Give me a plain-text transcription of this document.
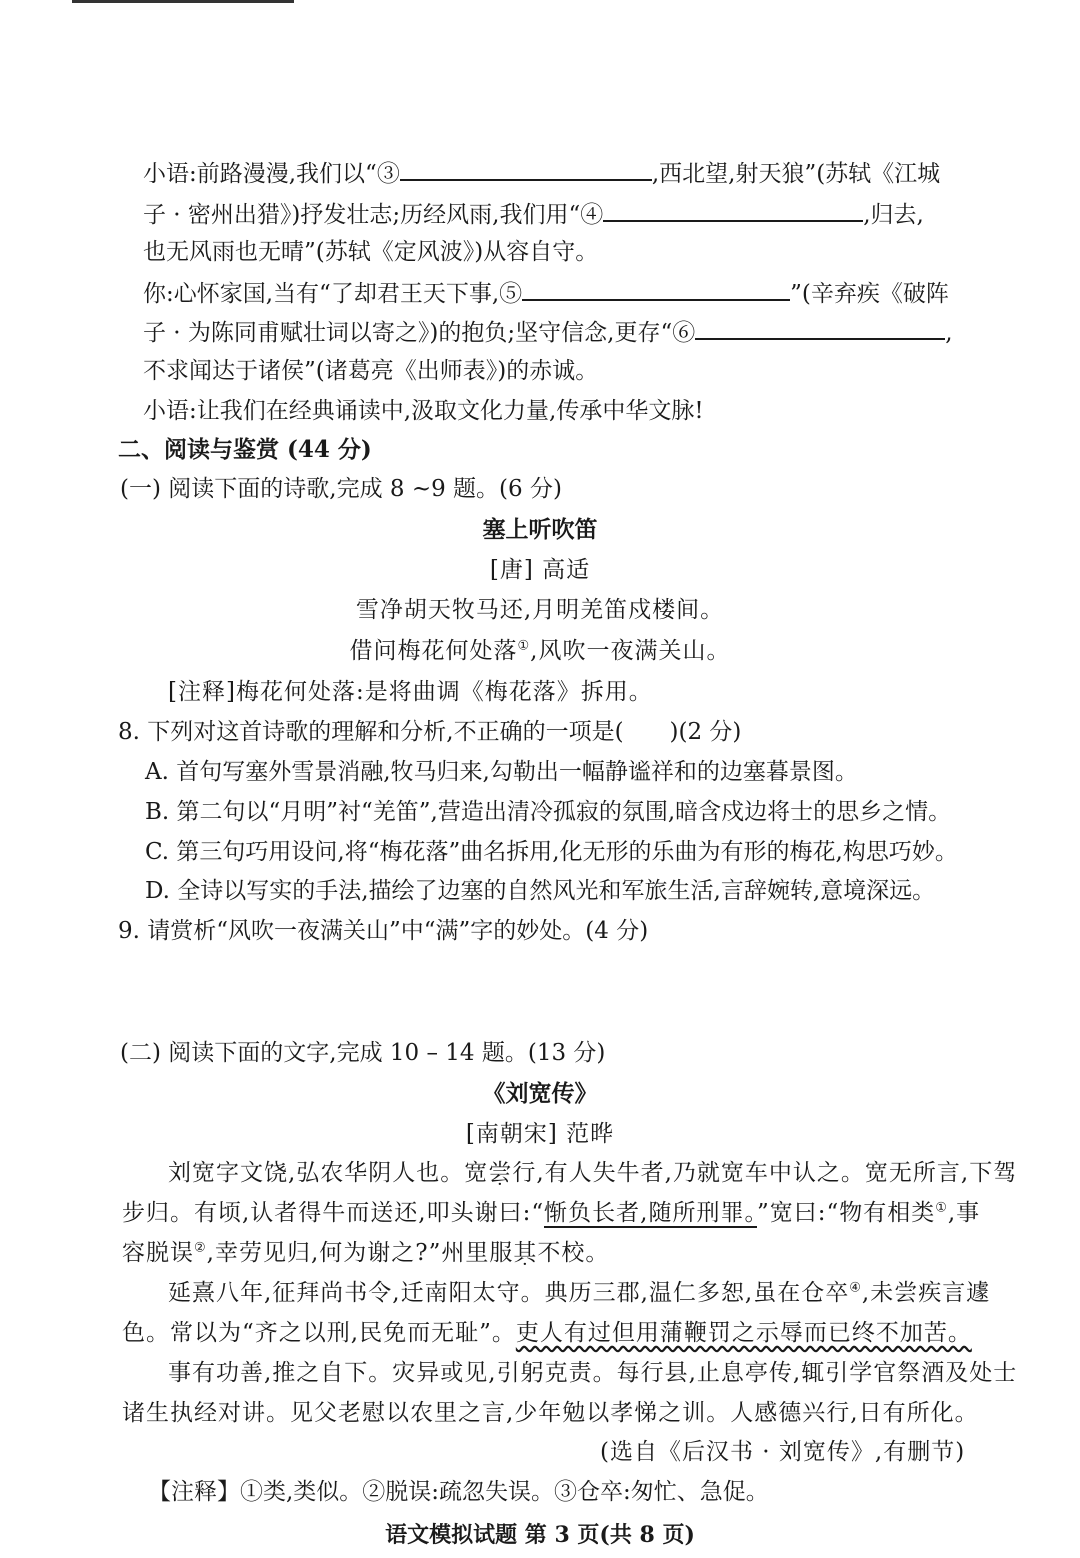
小语:前路漫漫,我们以“③	,西北望,射天狼”(苏轼《江城
子 · 密州出猎》)抒发壮志;历经风雨,我们用“④	,归去,
也无风雨也无晴”(苏轼《定风波》)从容自守。
你:心怀家国,当有“了却君王天下事,⑤	”(辛弃疾《破阵
子 · 为陈同甫赋壮词以寄之》)的抱负;坚守信念,更存“⑥	,
不求闻达于诸侯”(诸葛亮《出师表》)的赤诚。
小语:让我们在经典诵读中,汲取文化力量,传承中华文脉!
二、阅读与鉴赏 (44 分)
(一) 阅读下面的诗歌,完成 8 ~9 题。(6 分)
塞上听吹笛
[唐] 高适
雪净胡天牧马还,月明羌笛戍楼间。
借问梅花何处落①,风吹一夜满关山。
[注释]梅花何处落:是将曲调《梅花落》拆用。
8. 下列对这首诗歌的理解和分析,不正确的一项是(　　)(2 分)
A. 首句写塞外雪景消融,牧马归来,勾勒出一幅静谧祥和的边塞暮景图。
B. 第二句以“月明”衬“羌笛”,营造出清冷孤寂的氛围,暗含戍边将士的思乡之情。
C. 第三句巧用设问,将“梅花落”曲名拆用,化无形的乐曲为有形的梅花,构思巧妙。
D. 全诗以写实的手法,描绘了边塞的自然风光和军旅生活,言辞婉转,意境深远。
9. 请赏析“风吹一夜满关山”中“满”字的妙处。(4 分)
(二) 阅读下面的文字,完成 10 – 14 题。(13 分)
《刘宽传》
[南朝宋] 范晔
刘宽字文饶,弘农华阴人也。宽尝行,有人失牛者,乃就宽车中认之。宽无所言,下驾
步归。有顷,认者得牛而送还,叩头谢曰:“惭负长者,随所刑罪。”宽曰:“物有相类①,事
容脱误②,幸劳见归,何为谢之?”州里服其不校。
延熹八年,征拜尚书令,迁南阳太守。典历三郡,温仁多恕,虽在仓卒④,未尝疾言遽
色。常以为“齐之以刑,民免而无耻”。吏人有过但用蒲鞭罚之示辱而已终不加苦。
事有功善,推之自下。灾异或见,引躬克责。每行县,止息亭传,辄引学官祭酒及处士
诸生执经对讲。见父老慰以农里之言,少年勉以孝悌之训。人感德兴行,日有所化。
(选自《后汉书 · 刘宽传》,有删节)
【注释】①类,类似。②脱误:疏忽失误。③仓卒:匆忙、急促。
语文模拟试题 第 3 页(共 8 页)
